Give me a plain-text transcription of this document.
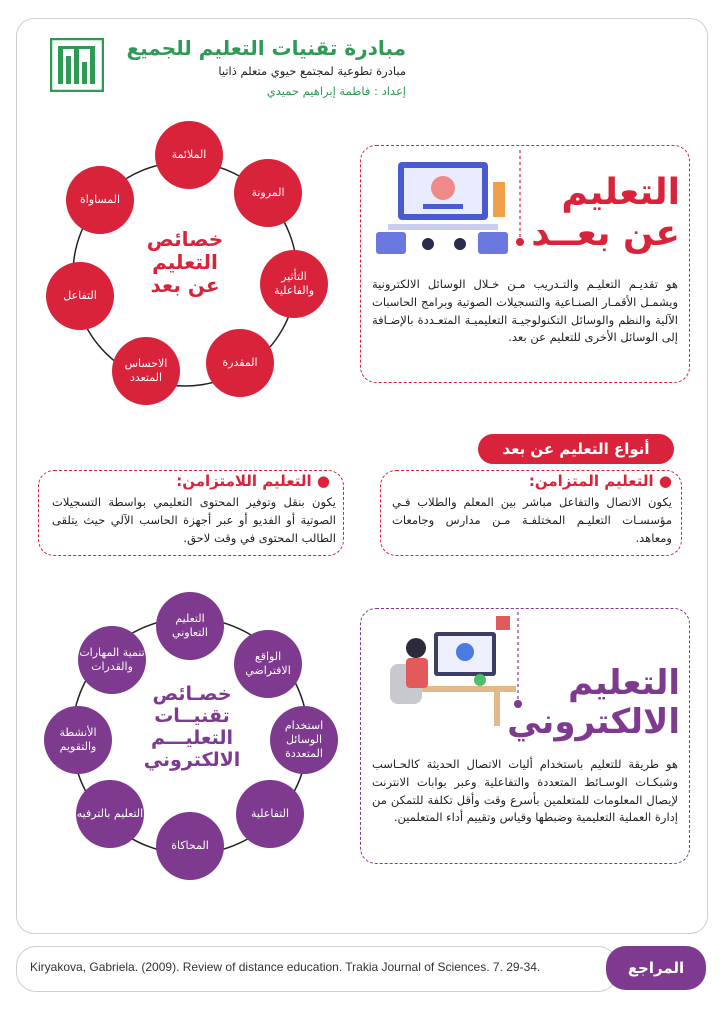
مبادرة تقنيات التعليم للجميع
مبادرة تطوعية لمجتمع حيوي متعلم ذاتيا
إعداد : فاطمة إبراهيم حميدي
الملائمة
المرونة
التأثير والفاعلية
المقدرة
الاحساس المتعدد
التفاعل
المساواة
خصائص
التعليم
عن بعد
التعليم
عن بعــد
هو تقديـم التعليـم والتـدريب مـن خـلال الوسائل الالكترونية ويشمـل الأقمـار الصنـاعية والتسجيلات الصوتية وبرامج الحاسبات الآلية والنظم والوسائل التكنولوجيـة التعليميـة المتعـددة بالإضـافة إلى الوسائل الأخرى للتعليم عن بعد.
أنواع التعليم عن بعد
● التعليم المتزامن:
يكون الاتصال والتفاعل مباشر بين المعلم والطلاب فـي مؤسسـات التعليـم المختلفـة مـن مدارس وجامعات ومعاهد.
● التعليم اللامتزامن:
يكون بنقل وتوفير المحتوى التعليمي بواسطة التسجيلات الصوتية أو الفديو أو عبر أجهزة الحاسب الآلي حيث يتلقى الطالب المحتوى في وقت لاحق.
التعليم
الالكتروني
هو طريقة للتعليم باستخدام أليات الاتصال الحديثة كالحـاسب وشبكـات الوسـائط المتعددة والتفاعلية وعبر بوابات الانترنت لإيصال المعلومات للمتعلمين بأسرع وقت وأقل تكلفة للتمكن من إدارة العملية التعليمية وضبطها وقياس وتقييم أداء المتعلمين.
التعليم التعاوني
الواقع الافتراضي
استخدام الوسائل المتعددة
التفاعلية
المحاكاة
التعليم بالترفيه
الأنشطة والتقويم
تنمية المهارات والقدرات
خصـائص
تقنيــات
التعليـــم
الالكتروني
Kiryakova, Gabriela. (2009). Review of distance education. Trakia Journal of Sciences. 7. 29-34.	المراجع
